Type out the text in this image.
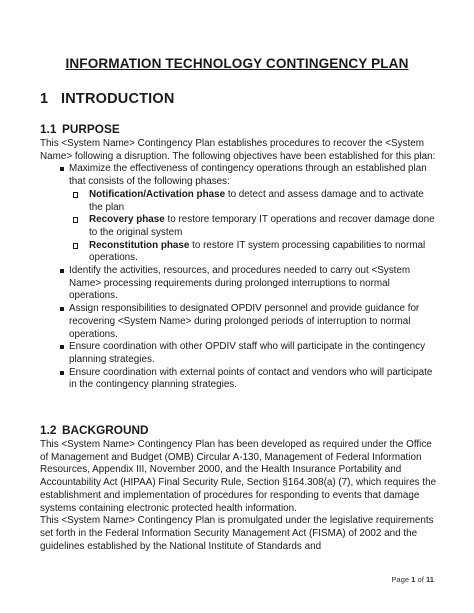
INFORMATION TECHNOLOGY CONTINGENCY PLAN
1 INTRODUCTION
1.1 PURPOSE

This <System Name> Contingency Plan establishes procedures to recover the <System Name> following a disruption. The following objectives have been established for this plan:

Maximize the effectiveness of contingency operations through an established plan that consists of the following phases:
Notification/Activation phase to detect and assess damage and to activate the plan
Recovery phase to restore temporary IT operations and recover damage done to the original system
Reconstitution phase to restore IT system processing capabilities to normal operations.
Identify the activities, resources, and procedures needed to carry out <System Name> processing requirements during prolonged interruptions to normal operations.
Assign responsibilities to designated OPDIV personnel and provide guidance for recovering <System Name> during prolonged periods of interruption to normal operations.
Ensure coordination with other OPDIV staff who will participate in the contingency planning strategies.
Ensure coordination with external points of contact and vendors who will participate in the contingency planning strategies.
1.2 BACKGROUND

This <System Name> Contingency Plan has been developed as required under the Office of Management and Budget (OMB) Circular A-130, Management of Federal Information Resources, Appendix III, November 2000, and the Health Insurance Portability and Accountability Act (HIPAA) Final Security Rule, Section §164.308(a) (7), which requires the establishment and implementation of procedures for responding to events that damage systems containing electronic protected health information.

This <System Name> Contingency Plan is promulgated under the legislative requirements set forth in the Federal Information Security Management Act (FISMA) of 2002 and the guidelines established by the National Institute of Standards and

Page 1 of 11
